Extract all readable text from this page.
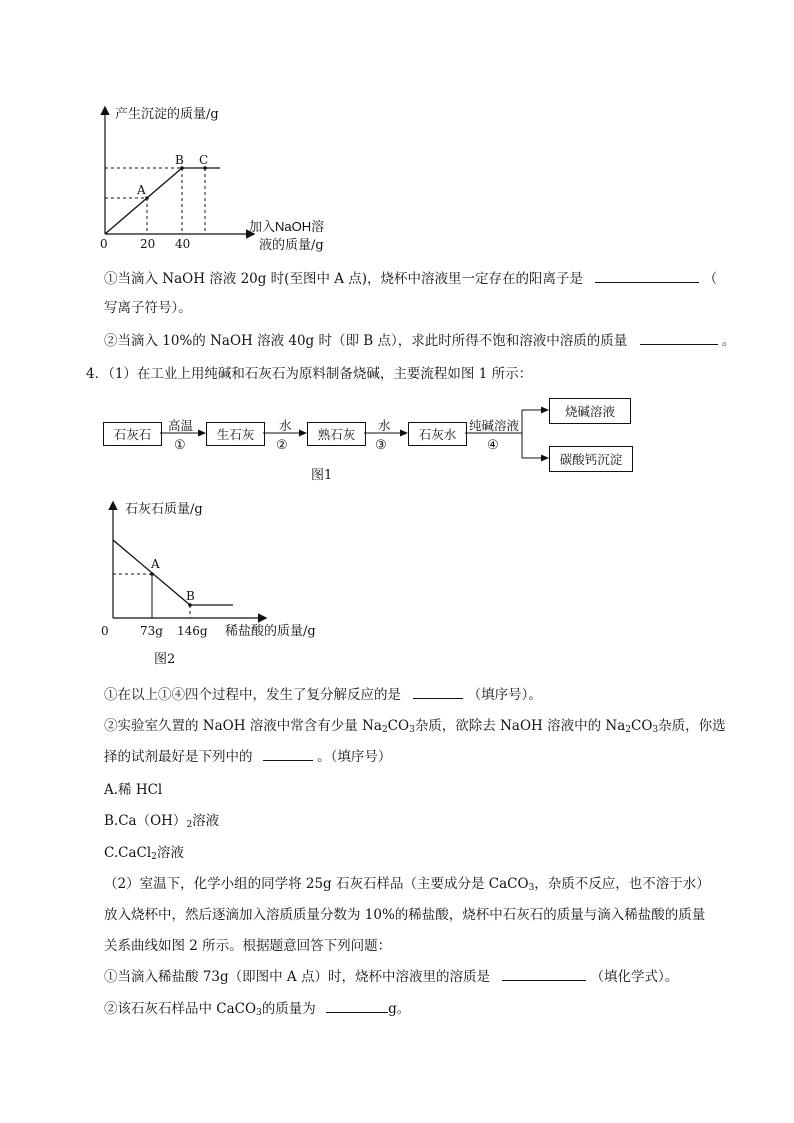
产生沉淀的质量/g
A
B C
0	20 40
加入NaOH溶
液的质量/g
①当滴入 NaOH 溶液 20g 时(至图中 A 点)，烧杯中溶液里一定存在的阳离子是	（
写离子符号）。
②当滴入 10%的 NaOH 溶液 40g 时（即 B 点），求此时所得不饱和溶液中溶质的质量	。
4．（1）在工业上用纯碱和石灰石为原料制备烧碱，主要流程如图 1 所示：
石灰石	生石灰	熟石灰	石灰水
烧碱溶液
碳酸钙沉淀
高温
①
水
②
水
③
纯碱溶液
④
图1
石灰石质量/g
A
B
0	73g 146g 稀盐酸的质量/g
图2
①在以上①④四个过程中，发生了复分解反应的是	（填序号）。
②实验室久置的 NaOH 溶液中常含有少量 $Na_2CO_3$杂质，欲除去 NaOH 溶液中的 $Na_2CO_3$杂质，你选
择的试剂最好是下列中的	。（填序号）
A.稀 HCl
$B.Ca(OH)_2$溶液
C.CaCl$_2$溶液
（2）室温下，化学小组的同学将 25g 石灰石样品（主要成分是 CaCO$_3$，杂质不反应，也不溶于水）
放入烧杯中，然后逐滴加入溶质质量分数为 10%的稀盐酸，烧杯中石灰石的质量与滴入稀盐酸的质量
关系曲线如图 2 所示。根据题意回答下列问题：
①当滴入稀盐酸 73g（即图中 A 点）时，烧杯中溶液里的溶质是	（填化学式）。
②该石灰石样品中 CaCO$_3$的质量为	g。
